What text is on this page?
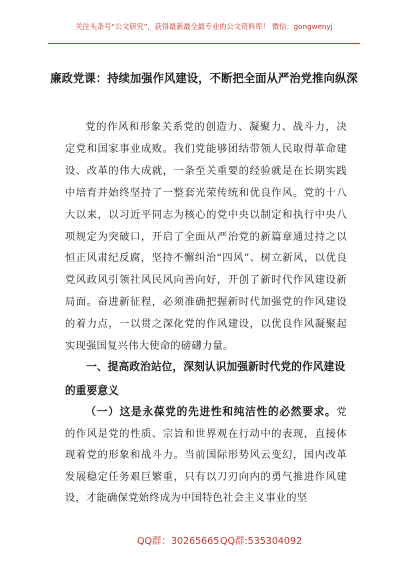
关注头条号“公文研究”，获得最新最全最专业的公文资料库！ 微信：gongwenyj
廉政党课：持续加强作风建设，不断把全面从严治党推向纵深

党的作风和形象关系党的创造力、凝聚力、战斗力，决定党和国家事业成败。我们党能够团结带领人民取得革命建设、改革的伟大成就，一条至关重要的经验就是在长期实践中培育并始终坚持了一整套光荣传统和优良作风。党的十八大以来，以习近平同志为核心的党中央以制定和执行中央八项规定为突破口，开启了全面从严治党的新篇章通过持之以恒正风肃纪反腐，坚持不懈纠治“四风”、树立新风，以优良党风政风引领社风民风向善向好，开创了新时代作风建设新局面。奋进新征程，必须准确把握新时代加强党的作风建设的着力点，一以贯之深化党的作风建设，以优良作风凝聚起实现强国复兴伟大使命的磅礴力量。

一、提高政治站位，深刻认识加强新时代党的作风建设的重要意义

（一）这是永葆党的先进性和纯洁性的必然要求。党的作风是党的性质、宗旨和世界观在行动中的表现，直接体现着党的形象和战斗力。当前国际形势风云变幻，国内改革发展稳定任务艰巨繁重，只有以刀刃向内的勇气推进作风建设，才能确保党始终成为中国特色社会主义事业的坚

QQ群：30265665 QQ群:535304092
